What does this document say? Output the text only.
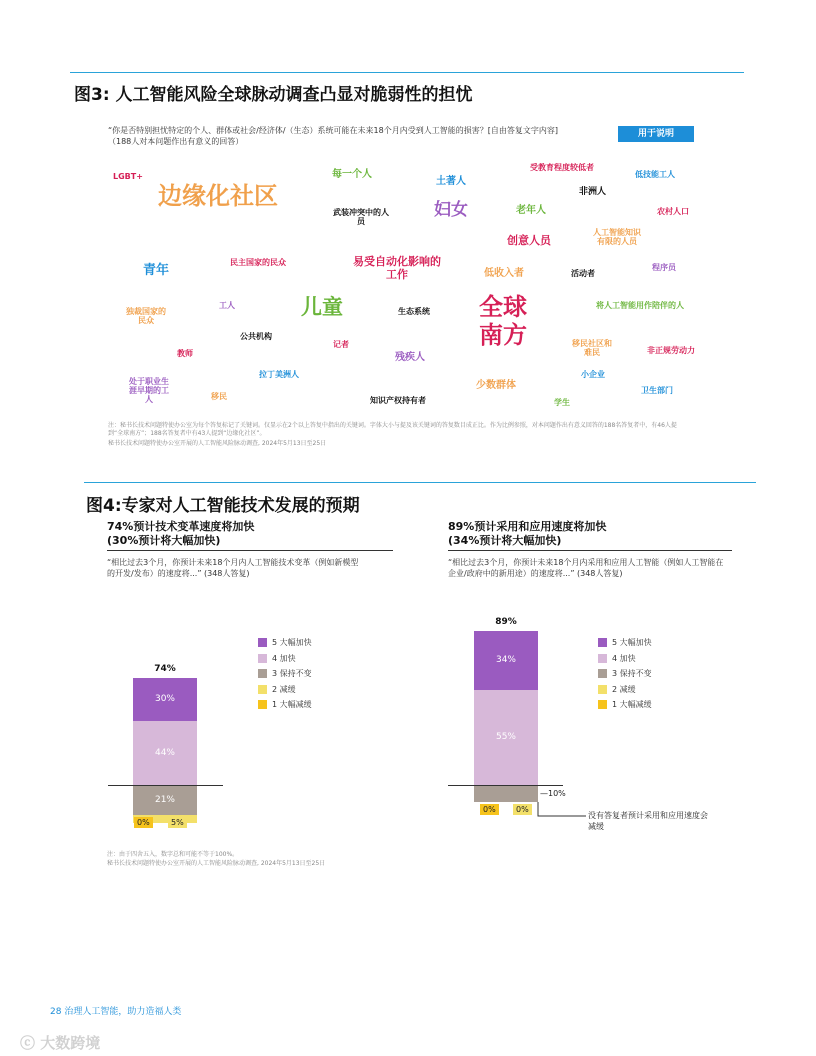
图3: 人工智能风险全球脉动调查凸显对脆弱性的担忧
“你是否特别担忧特定的个人、群体或社会/经济体/（生态）系统可能在未来18个月内受到人工智能的损害？[自由答复文字内容]（188人对本问题作出有意义的回答）
用于说明
LGBT+	每一个人
土著人
受教育程度较低者
低技能工人
非洲人
边缘化社区
武装冲突中的人员
妇女	老年人	农村人口
人工智能知识有限的人员
创意人员
青年
民主国家的民众	易受自动化影响的工作	低收入者	活动者
程序员
独裁国家的民众
工人	儿童	生态系统 全球南方
将人工智能用作陪伴的人
公共机构
记者	移民社区和难民	非正规劳动力
教师	残疾人
拉丁美洲人	小企业
处于职业生涯早期的工人
少数群体	卫生部门
移民	知识产权持有者	学生
注：秘书长技术问题特使办公室为每个答复标记了关键词。仅显示在2个以上答复中指出的关键词。字体大小与提及该关键词的答复数目成正比。作为比例参照，对本问题作出有意义回答的188名答复者中，有46人提到“全球南方”；188名答复者中有43人提到“边缘化社区”。
秘书长技术问题特使办公室开展的人工智能风险脉动调查, 2024年5月13日至25日
图4:专家对人工智能技术发展的预期
74%预计技术变革速度将加快
(30%预计将大幅加快)
“相比过去3个月，你预计未来18个月内人工智能技术变革（例如新模型的开发/发布）的速度将...” (348人答复)
89%预计采用和应用速度将加快
(34%预计将大幅加快)
“相比过去3个月，你预计未来18个月内采用和应用人工智能（例如人工智能在企业/政府中的新用途）的速度将...” (348人答复)
44%
30%
21%
0%	5%
74%
55%
34%
—10%
0%	0%
89%
5 大幅加快
4 加快
3 保持不变
2 减缓
1 大幅减缓
5 大幅加快
4 加快
3 保持不变
2 减缓
1 大幅减缓
没有答复者预计采用和应用速度会减缓
注：由于四舍五入，数字总和可能不等于100%。
秘书长技术问题特使办公室开展的人工智能风险脉动调查, 2024年5月13日至25日
28 治理人工智能，助力造福人类
ⓒ 大数跨境
